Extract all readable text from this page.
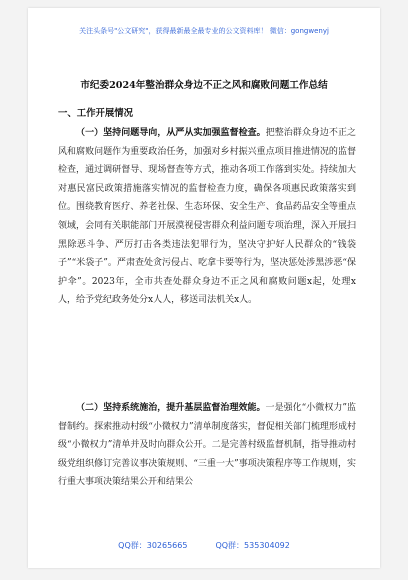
关注头条号"公文研究"，获得最新最全最专业的公文资料库！ 微信：gongwenyj
市纪委2024年整治群众身边不正之风和腐败问题工作总结
一、工作开展情况
（一）坚持问题导向，从严从实加强监督检查。把整治群众身边不正之风和腐败问题作为重要政治任务，加强对乡村振兴重点项目推进情况的监督检查，通过调研督导、现场督查等方式，推动各项工作落到实处。持续加大对惠民富民政策措施落实情况的监督检查力度，确保各项惠民政策落实到位。围绕教育医疗、养老社保、生态环保、安全生产、食品药品安全等重点领域，会同有关职能部门开展漠视侵害群众利益问题专项治理，深入开展扫黑除恶斗争、严厉打击各类违法犯罪行为，坚决守护好人民群众的“钱袋子”“米袋子”。严肃查处贪污侵占、吃拿卡要等行为，坚决惩处涉黑涉恶“保护伞”。2023年，全市共查处群众身边不正之风和腐败问题x起，处理x人，给予党纪政务处分x人人，移送司法机关x人。
（二）坚持系统施治，提升基层监督治理效能。一是强化“小微权力”监督制约。探索推动村级“小微权力”清单制度落实，督促相关部门梳理形成村级“小微权力”清单并及时向群众公开。二是完善村级监督机制，指导推动村级党组织修订完善议事决策规则、“三重一大”事项决策程序等工作规则，实行重大事项决策结果公开和结果公
QQ群：30265665	QQ群：535304092
